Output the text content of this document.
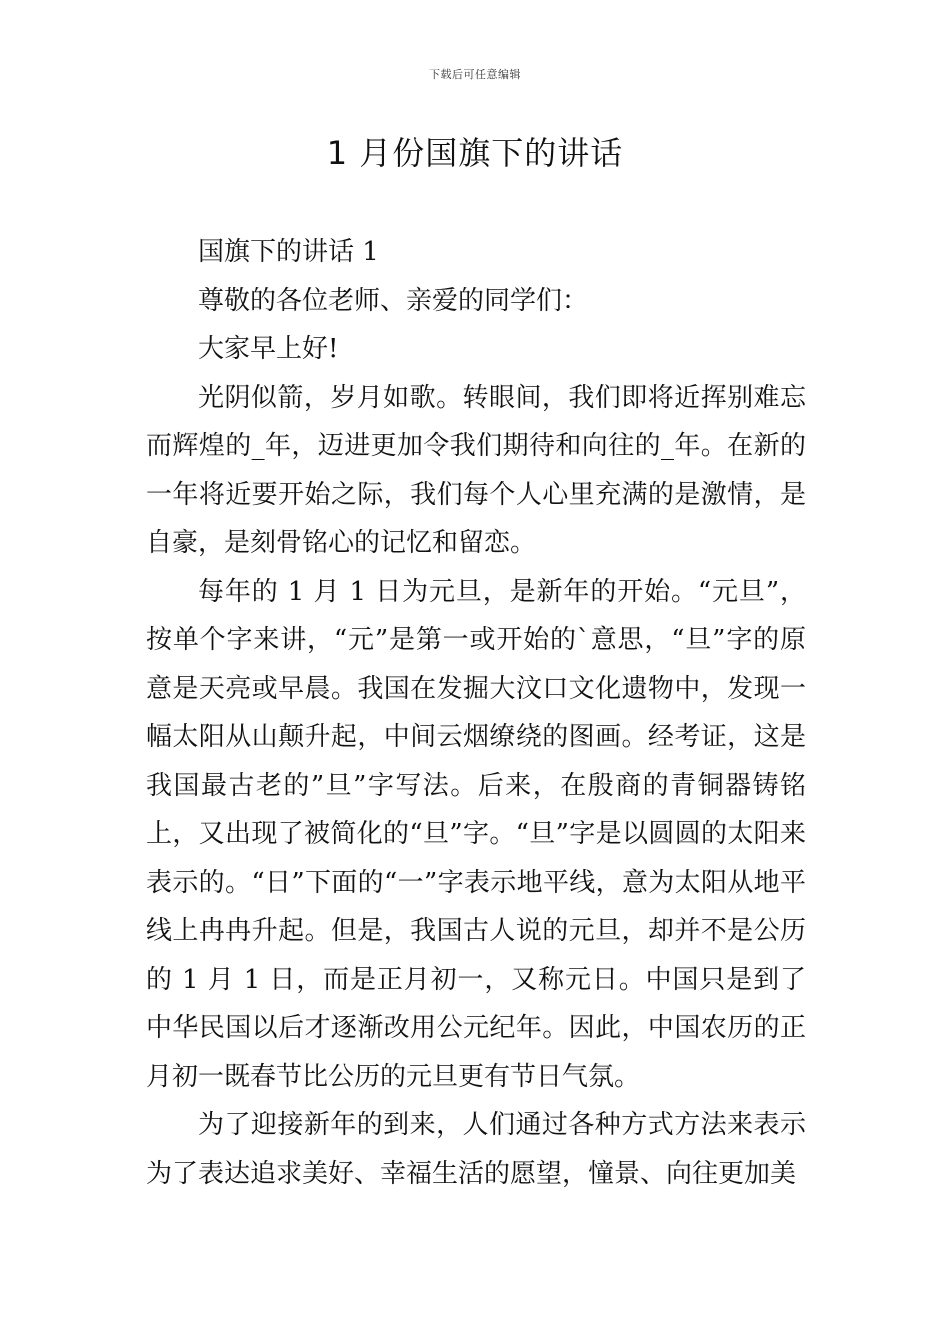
下载后可任意编辑
1 月份国旗下的讲话

国旗下的讲话 1

尊敬的各位老师、亲爱的同学们：

大家早上好!

光阴似箭，岁月如歌。转眼间，我们即将近挥别难忘而辉煌的_年，迈进更加令我们期待和向往的_年。在新的一年将近要开始之际，我们每个人心里充满的是激情，是自豪，是刻骨铭心的记忆和留恋。

每年的 1 月 1 日为元旦，是新年的开始。“元旦”，按单个字来讲，“元”是第一或开始的`意思，“旦”字的原意是天亮或早晨。我国在发掘大汶口文化遗物中，发现一幅太阳从山颠升起，中间云烟缭绕的图画。经考证，这是我国最古老的”旦”字写法。后来，在殷商的青铜器铸铭上，又出现了被简化的“旦”字。“旦”字是以圆圆的太阳来表示的。“日”下面的“一”字表示地平线，意为太阳从地平线上冉冉升起。但是，我国古人说的元旦，却并不是公历的 1 月 1 日，而是正月初一，又称元日。中国只是到了中华民国以后才逐渐改用公元纪年。因此，中国农历的正月初一既春节比公历的元旦更有节日气氛。

为了迎接新年的到来，人们通过各种方式方法来表示为了表达追求美好、幸福生活的愿望，憧景、向往更加美
